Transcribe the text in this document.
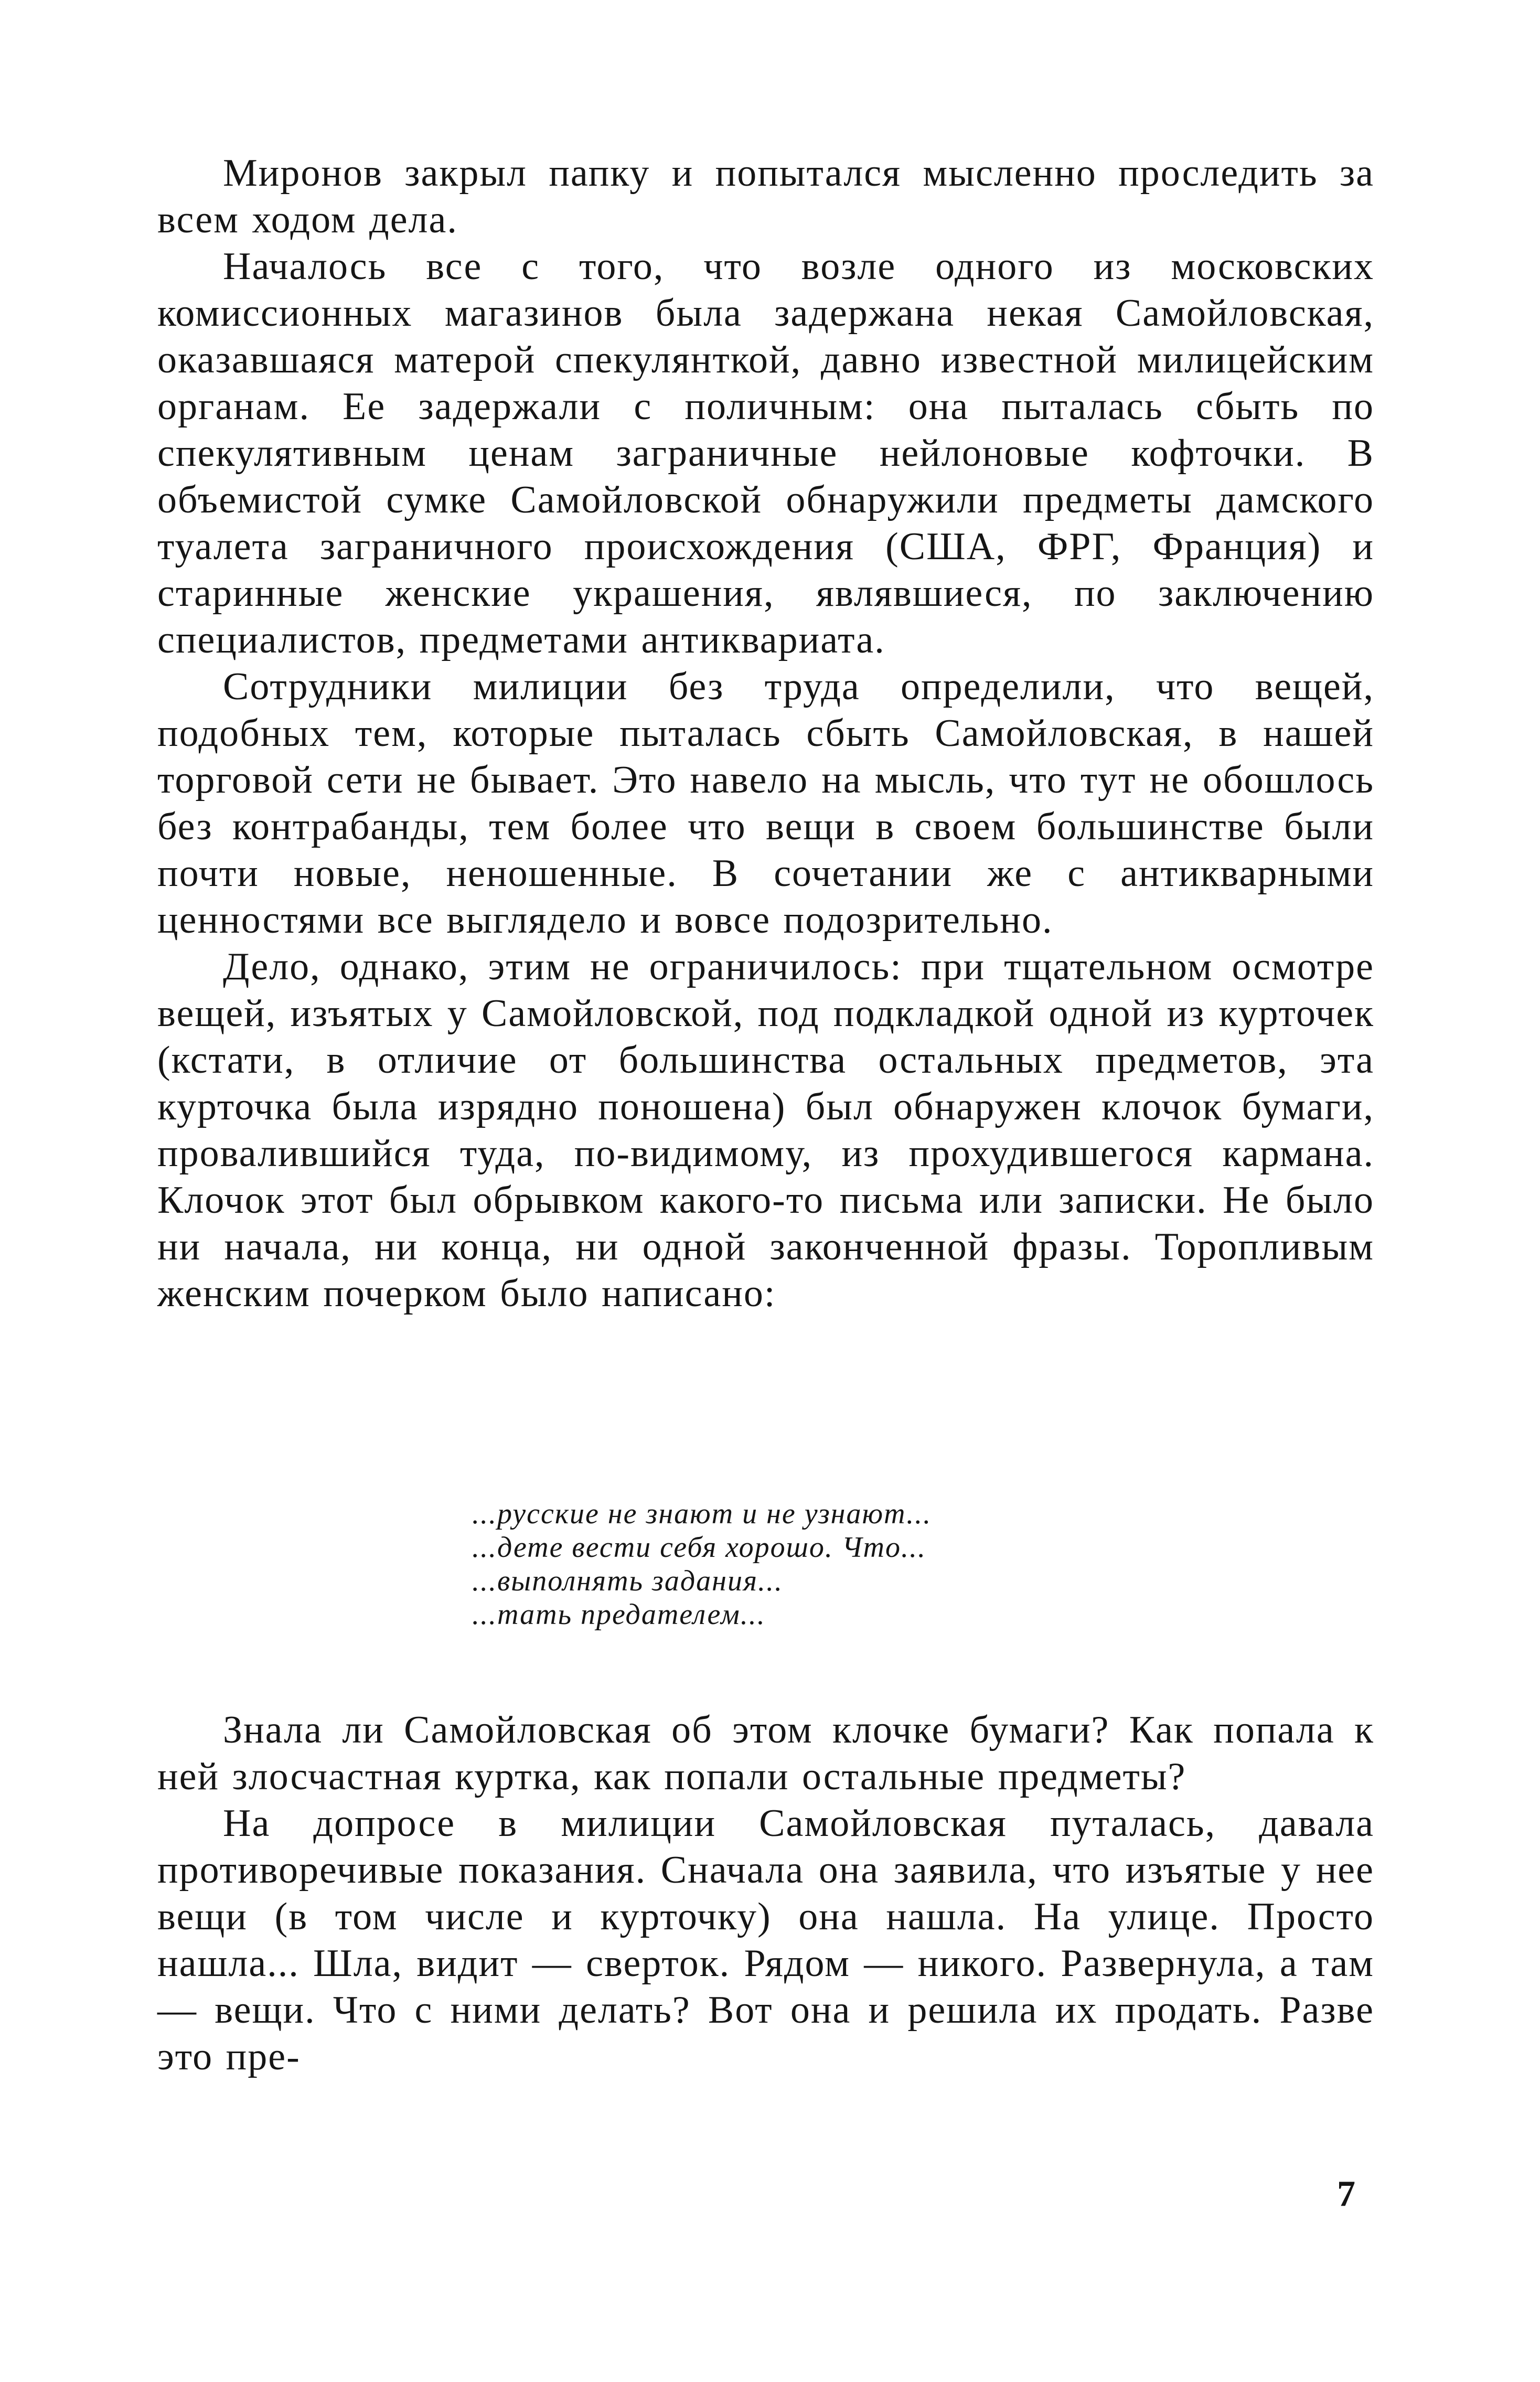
Миронов закрыл папку и попытался мысленно проследить за всем ходом дела.

Началось все с того, что возле одного из московских комиссионных магазинов была задержана некая Самойловская, оказавшаяся матерой спекулянткой, давно известной милицейским органам. Ее задержали с поличным: она пыталась сбыть по спекулятивным ценам заграничные нейлоновые кофточки. В объемистой сумке Самойловской обнаружили предметы дамского туалета заграничного происхождения (США, ФРГ, Франция) и старинные женские украшения, являвшиеся, по заключению специалистов, предметами антиквариата.

Сотрудники милиции без труда определили, что вещей, подобных тем, которые пыталась сбыть Самойловская, в нашей торговой сети не бывает. Это навело на мысль, что тут не обошлось без контрабанды, тем более что вещи в своем большинстве были почти новые, неношенные. В сочетании же с антикварными ценностями все выглядело и вовсе подозрительно.

Дело, однако, этим не ограничилось: при тщательном осмотре вещей, изъятых у Самойловской, под подкладкой одной из курточек (кстати, в отличие от большинства остальных предметов, эта курточка была изрядно поношена) был обнаружен клочок бумаги, провалившийся туда, по-видимому, из прохудившегося кармана. Клочок этот был обрывком какого-то письма или записки. Не было ни начала, ни конца, ни одной законченной фразы. Торопливым женским почерком было написано:

...русские не знают и не узнают...
...дете вести себя хорошо. Что...
...выполнять задания...
...тать предателем...

Знала ли Самойловская об этом клочке бумаги? Как попала к ней злосчастная куртка, как попали остальные предметы?

На допросе в милиции Самойловская путалась, давала противоречивые показания. Сначала она заявила, что изъятые у нее вещи (в том числе и курточку) она нашла. На улице. Просто нашла... Шла, видит — сверток. Рядом — никого. Развернула, а там — вещи. Что с ними делать? Вот она и решила их продать. Разве это пре-

7
